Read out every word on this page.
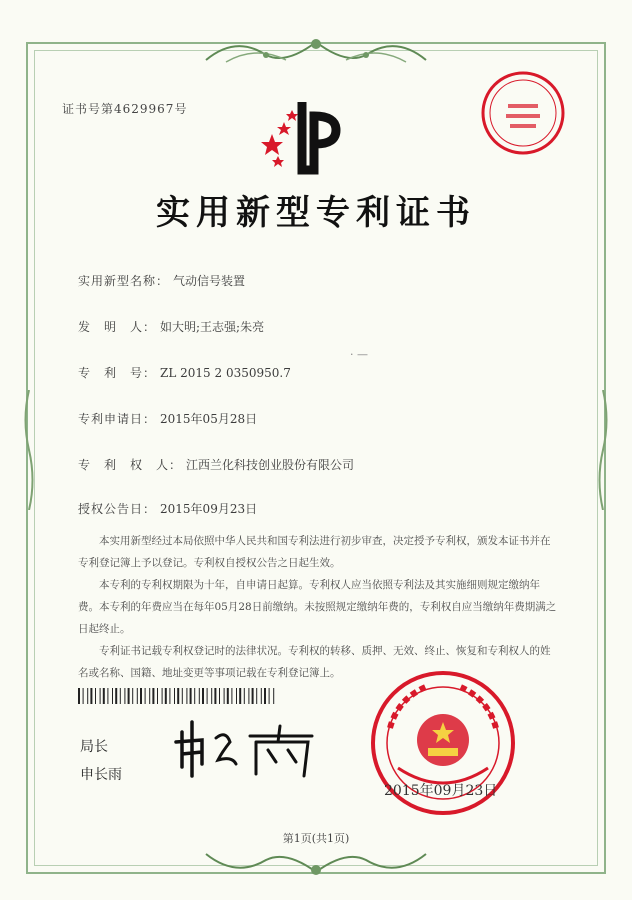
证书号第4629967号
实用新型专利证书
实用新型名称： 气动信号装置
发　明　人： 如大明;王志强;朱亮
· —
专　利　号： ZL 2015 2 0350950.7
专利申请日： 2015年05月28日
专　利　权　人： 江西兰化科技创业股份有限公司
授权公告日： 2015年09月23日

本实用新型经过本局依照中华人民共和国专利法进行初步审查，决定授予专利权，颁发本证书并在专利登记簿上予以登记。专利权自授权公告之日起生效。

本专利的专利权期限为十年，自申请日起算。专利权人应当依照专利法及其实施细则规定缴纳年费。本专利的年费应当在每年05月28日前缴纳。未按照规定缴纳年费的，专利权自应当缴纳年费期满之日起终止。

专利证书记载专利权登记时的法律状况。专利权的转移、质押、无效、终止、恢复和专利权人的姓名或名称、国籍、地址变更等事项记载在专利登记簿上。

局长
申长雨
2015年09月23日
第1页(共1页)
